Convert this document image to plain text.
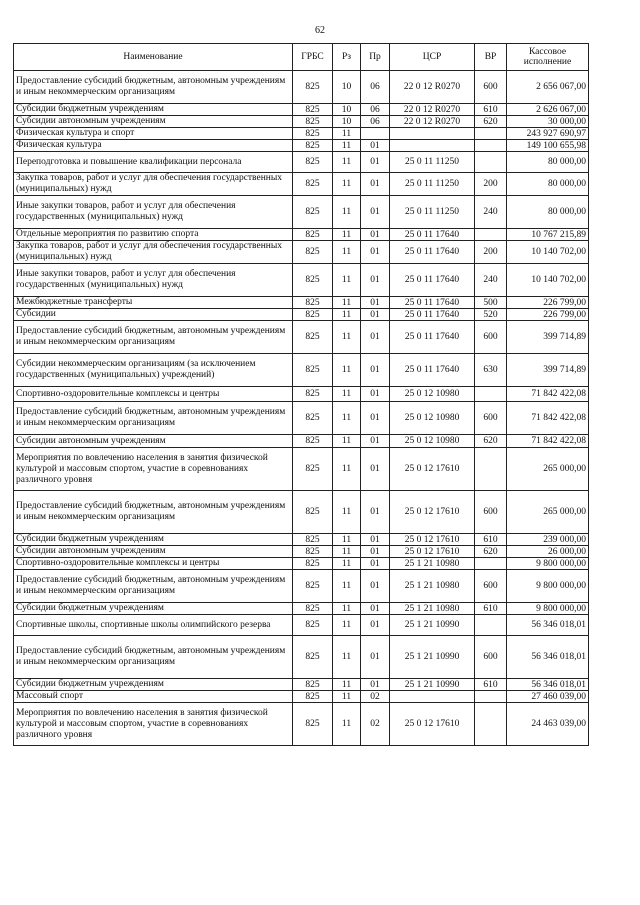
62
Наименование	ГРБС	Рз	Пр	ЦСР	ВР	Кассовое исполнение
Предоставление субсидий бюджетным, автономным учреждениям и иным некоммерческим организациям	825	10	06	22 0 12 R0270	600	2 656 067,00
Субсидии бюджетным учреждениям	825	10	06	22 0 12 R0270	610	2 626 067,00
Субсидии автономным учреждениям	825	10	06	22 0 12 R0270	620	30 000,00
Физическая культура и спорт	825	11				243 927 690,97
Физическая культура	825	11	01			149 100 655,98
Переподготовка и повышение квалификации персонала	825	11	01	25 0 11 11250		80 000,00
Закупка товаров, работ и услуг для обеспечения государственных (муниципальных) нужд	825	11	01	25 0 11 11250	200	80 000,00
Иные закупки товаров, работ и услуг для обеспечения государственных (муниципальных) нужд	825	11	01	25 0 11 11250	240	80 000,00
Отдельные мероприятия по развитию спорта	825	11	01	25 0 11 17640		10 767 215,89
Закупка товаров, работ и услуг для обеспечения государственных (муниципальных) нужд	825	11	01	25 0 11 17640	200	10 140 702,00
Иные закупки товаров, работ и услуг для обеспечения государственных (муниципальных) нужд	825	11	01	25 0 11 17640	240	10 140 702,00
Межбюджетные трансферты	825	11	01	25 0 11 17640	500	226 799,00
Субсидии	825	11	01	25 0 11 17640	520	226 799,00
Предоставление субсидий бюджетным, автономным учреждениям и иным некоммерческим организациям	825	11	01	25 0 11 17640	600	399 714,89
Субсидии некоммерческим организациям (за исключением государственных (муниципальных) учреждений)	825	11	01	25 0 11 17640	630	399 714,89
Спортивно-оздоровительные комплексы и центры	825	11	01	25 0 12 10980		71 842 422,08
Предоставление субсидий бюджетным, автономным учреждениям и иным некоммерческим организациям	825	11	01	25 0 12 10980	600	71 842 422,08
Субсидии автономным учреждениям	825	11	01	25 0 12 10980	620	71 842 422,08
Мероприятия по вовлечению населения в занятия физической культурой и массовым спортом, участие в соревнованиях различного уровня	825	11	01	25 0 12 17610		265 000,00
Предоставление субсидий бюджетным, автономным учреждениям и иным некоммерческим организациям	825	11	01	25 0 12 17610	600	265 000,00
Субсидии бюджетным учреждениям	825	11	01	25 0 12 17610	610	239 000,00
Субсидии автономным учреждениям	825	11	01	25 0 12 17610	620	26 000,00
Спортивно-оздоровительные комплексы и центры	825	11	01	25 1 21 10980		9 800 000,00
Предоставление субсидий бюджетным, автономным учреждениям и иным некоммерческим организациям	825	11	01	25 1 21 10980	600	9 800 000,00
Субсидии бюджетным учреждениям	825	11	01	25 1 21 10980	610	9 800 000,00
Спортивные школы, спортивные школы олимпийского резерва	825	11	01	25 1 21 10990		56 346 018,01
Предоставление субсидий бюджетным, автономным учреждениям и иным некоммерческим организациям	825	11	01	25 1 21 10990	600	56 346 018,01
Субсидии бюджетным учреждениям	825	11	01	25 1 21 10990	610	56 346 018,01
Массовый спорт	825	11	02			27 460 039,00
Мероприятия по вовлечению населения в занятия физической культурой и массовым спортом, участие в соревнованиях различного уровня	825	11	02	25 0 12 17610		24 463 039,00
